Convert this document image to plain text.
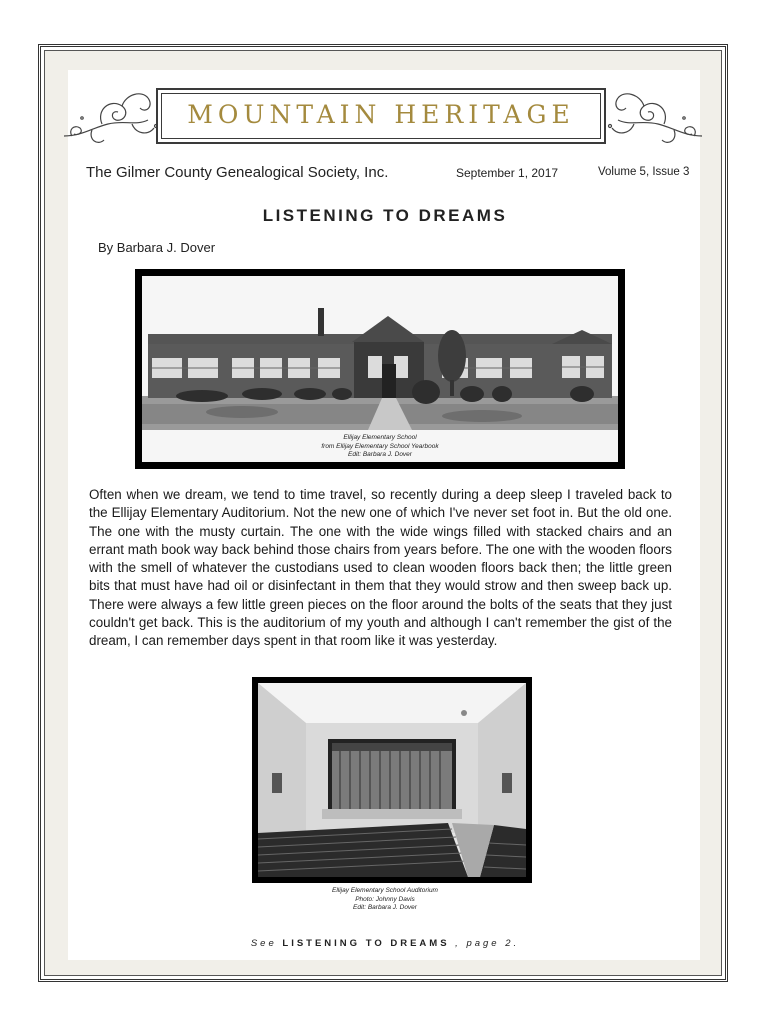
MOUNTAIN HERITAGE
The Gilmer County Genealogical Society, Inc.	September 1, 2017	Volume 5, Issue 3
LISTENING TO DREAMS
By Barbara J. Dover
Ellijay Elementary School
from Ellijay Elementary School Yearbook
Edit: Barbara J. Dover
Often when we dream, we tend to time travel, so recently during a deep sleep I traveled back to the Ellijay Elementary Auditorium. Not the new one of which I've never set foot in. But the old one. The one with the musty curtain. The one with the wide wings filled with stacked chairs and an errant math book way back behind those chairs from years before. The one with the wooden floors with the smell of whatever the custodians used to clean wooden floors back then; the little green bits that must have had oil or disinfectant in them that they would strow and then sweep back up. There were always a few little green pieces on the floor around the bolts of the seats that they just couldn't get back. This is the auditorium of my youth and although I can't remember the gist of the dream, I can remember days spent in that room like it was yesterday.
Ellijay Elementary School Auditorium
Photo: Johnny Davis
Edit: Barbara J. Dover
See LISTENING TO DREAMS , page 2.
